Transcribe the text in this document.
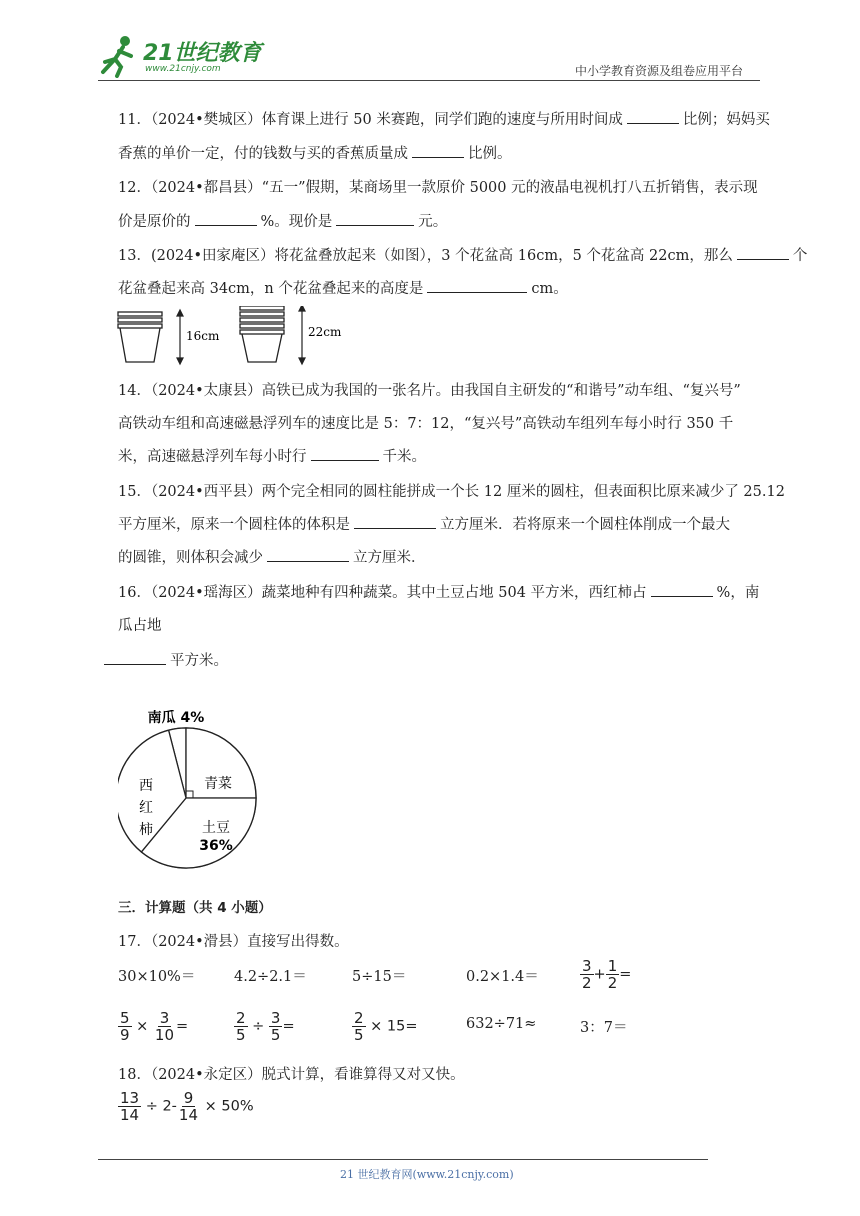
21世纪教育
www.21cnjy.com	中小学教育资源及组卷应用平台
11．（2024•樊城区）体育课上进行 50 米赛跑，同学们跑的速度与所用时间成	比例；妈妈买
香蕉的单价一定，付的钱数与买的香蕉质量成	比例。
12．（2024•都昌县）“五一”假期，某商场里一款原价 5000 元的液晶电视机打八五折销售，表示现
价是原价的	%。现价是	元。
13．(2024•田家庵区）将花盆叠放起来（如图），3 个花盆高 16cm，5 个花盆高 22cm，那么	个
花盆叠起来高 34cm，n 个花盆叠起来的高度是	cm。
16cm	22cm
14．（2024•太康县）高铁已成为我国的一张名片。由我国自主研发的“和谐号”动车组、“复兴号”
高铁动车组和高速磁悬浮列车的速度比是 5：7：12，“复兴号”高铁动车组列车每小时行 350 千
米，高速磁悬浮列车每小时行	千米。
15．（2024•西平县）两个完全相同的圆柱能拼成一个长 12 厘米的圆柱，但表面积比原来减少了 25.12
平方厘米，原来一个圆柱体的体积是	立方厘米．若将原来一个圆柱体削成一个最大
的圆锥，则体积会减少	立方厘米．
16．（2024•瑶海区）蔬菜地种有四种蔬菜。其中土豆占地 504 平方米，西红柿占	%，南
瓜占地
平方米。
南瓜 4%
青菜
土豆
36%
西
红
柿
三．计算题（共 4 小题）
17．（2024•滑县）直接写出得数。
30×10%＝	4.2÷2.1＝	5÷15＝	0.2×1.4＝	$\frac{3}{2} + \frac{1}{2}$ =
$\frac{5}{9} \times \frac{3}{10}$ =	$\frac{2}{5} \div \frac{3}{5}$ =	$\frac{2}{5} \times 15=$	632÷71≈	3：7＝
18．（2024•永定区）脱式计算，看谁算得又对又快。
$\frac{13}{14} \div 2- \frac{9}{14} \times 50\%$
21 世纪教育网(www.21cnjy.com)
